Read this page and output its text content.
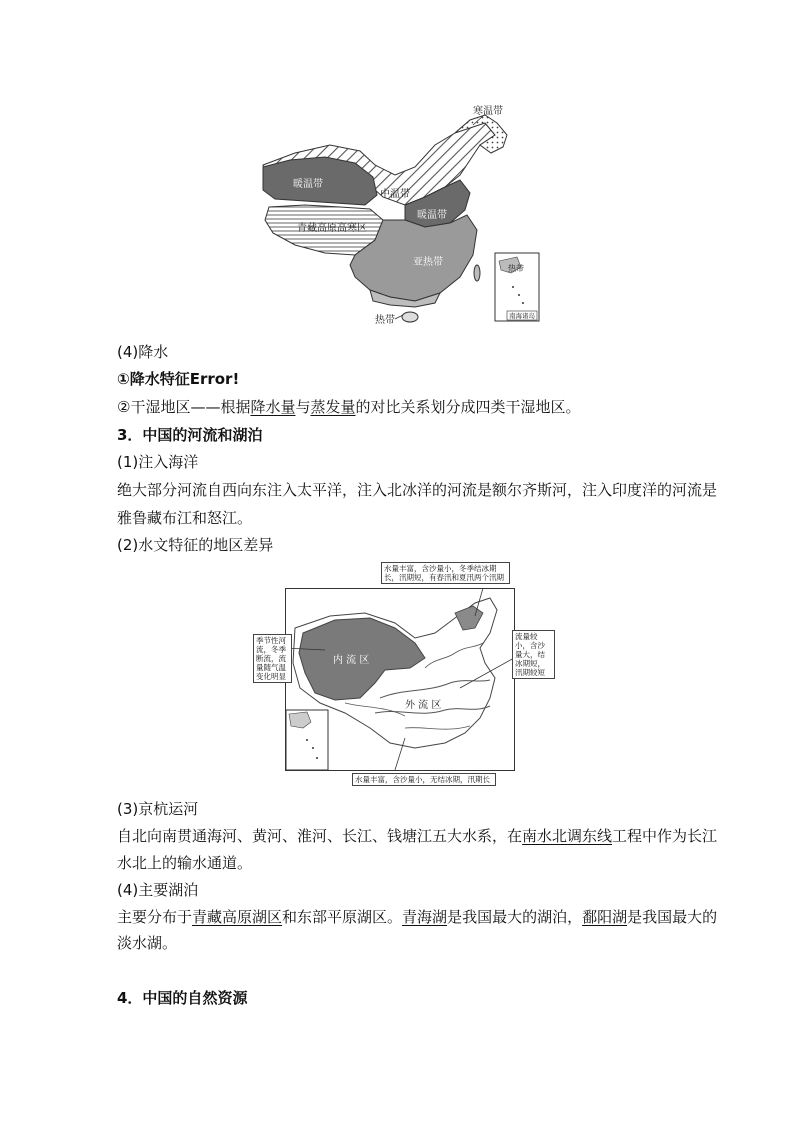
暖温带
中温带
暖温带
青藏高原高寒区
亚热带
寒温带
热带
热带
南海诸岛
(4)降水
①降水特征Error!
②干湿地区——根据降水量与蒸发量的对比关系划分成四类干湿地区。
3．中国的河流和湖泊
(1)注入海洋
绝大部分河流自西向东注入太平洋，注入北冰洋的河流是额尔齐斯河，注入印度洋的河流是
雅鲁藏布江和怒江。
(2)水文特征的地区差异
内 流 区
外 流 区
水量丰富，含沙量小，冬季结冰期长，汛期短，有春汛和夏汛两个汛期
季节性河流，冬季断流，流量随气温变化明显
流量较小，含沙量大，结冰期短，汛期较短
水量丰富，含沙量小，无结冰期，汛期长
(3)京杭运河
自北向南贯通海河、黄河、淮河、长江、钱塘江五大水系，在南水北调东线工程中作为长江
水北上的输水通道。
(4)主要湖泊
主要分布于青藏高原湖区和东部平原湖区。青海湖是我国最大的湖泊，鄱阳湖是我国最大的
淡水湖。
4．中国的自然资源
